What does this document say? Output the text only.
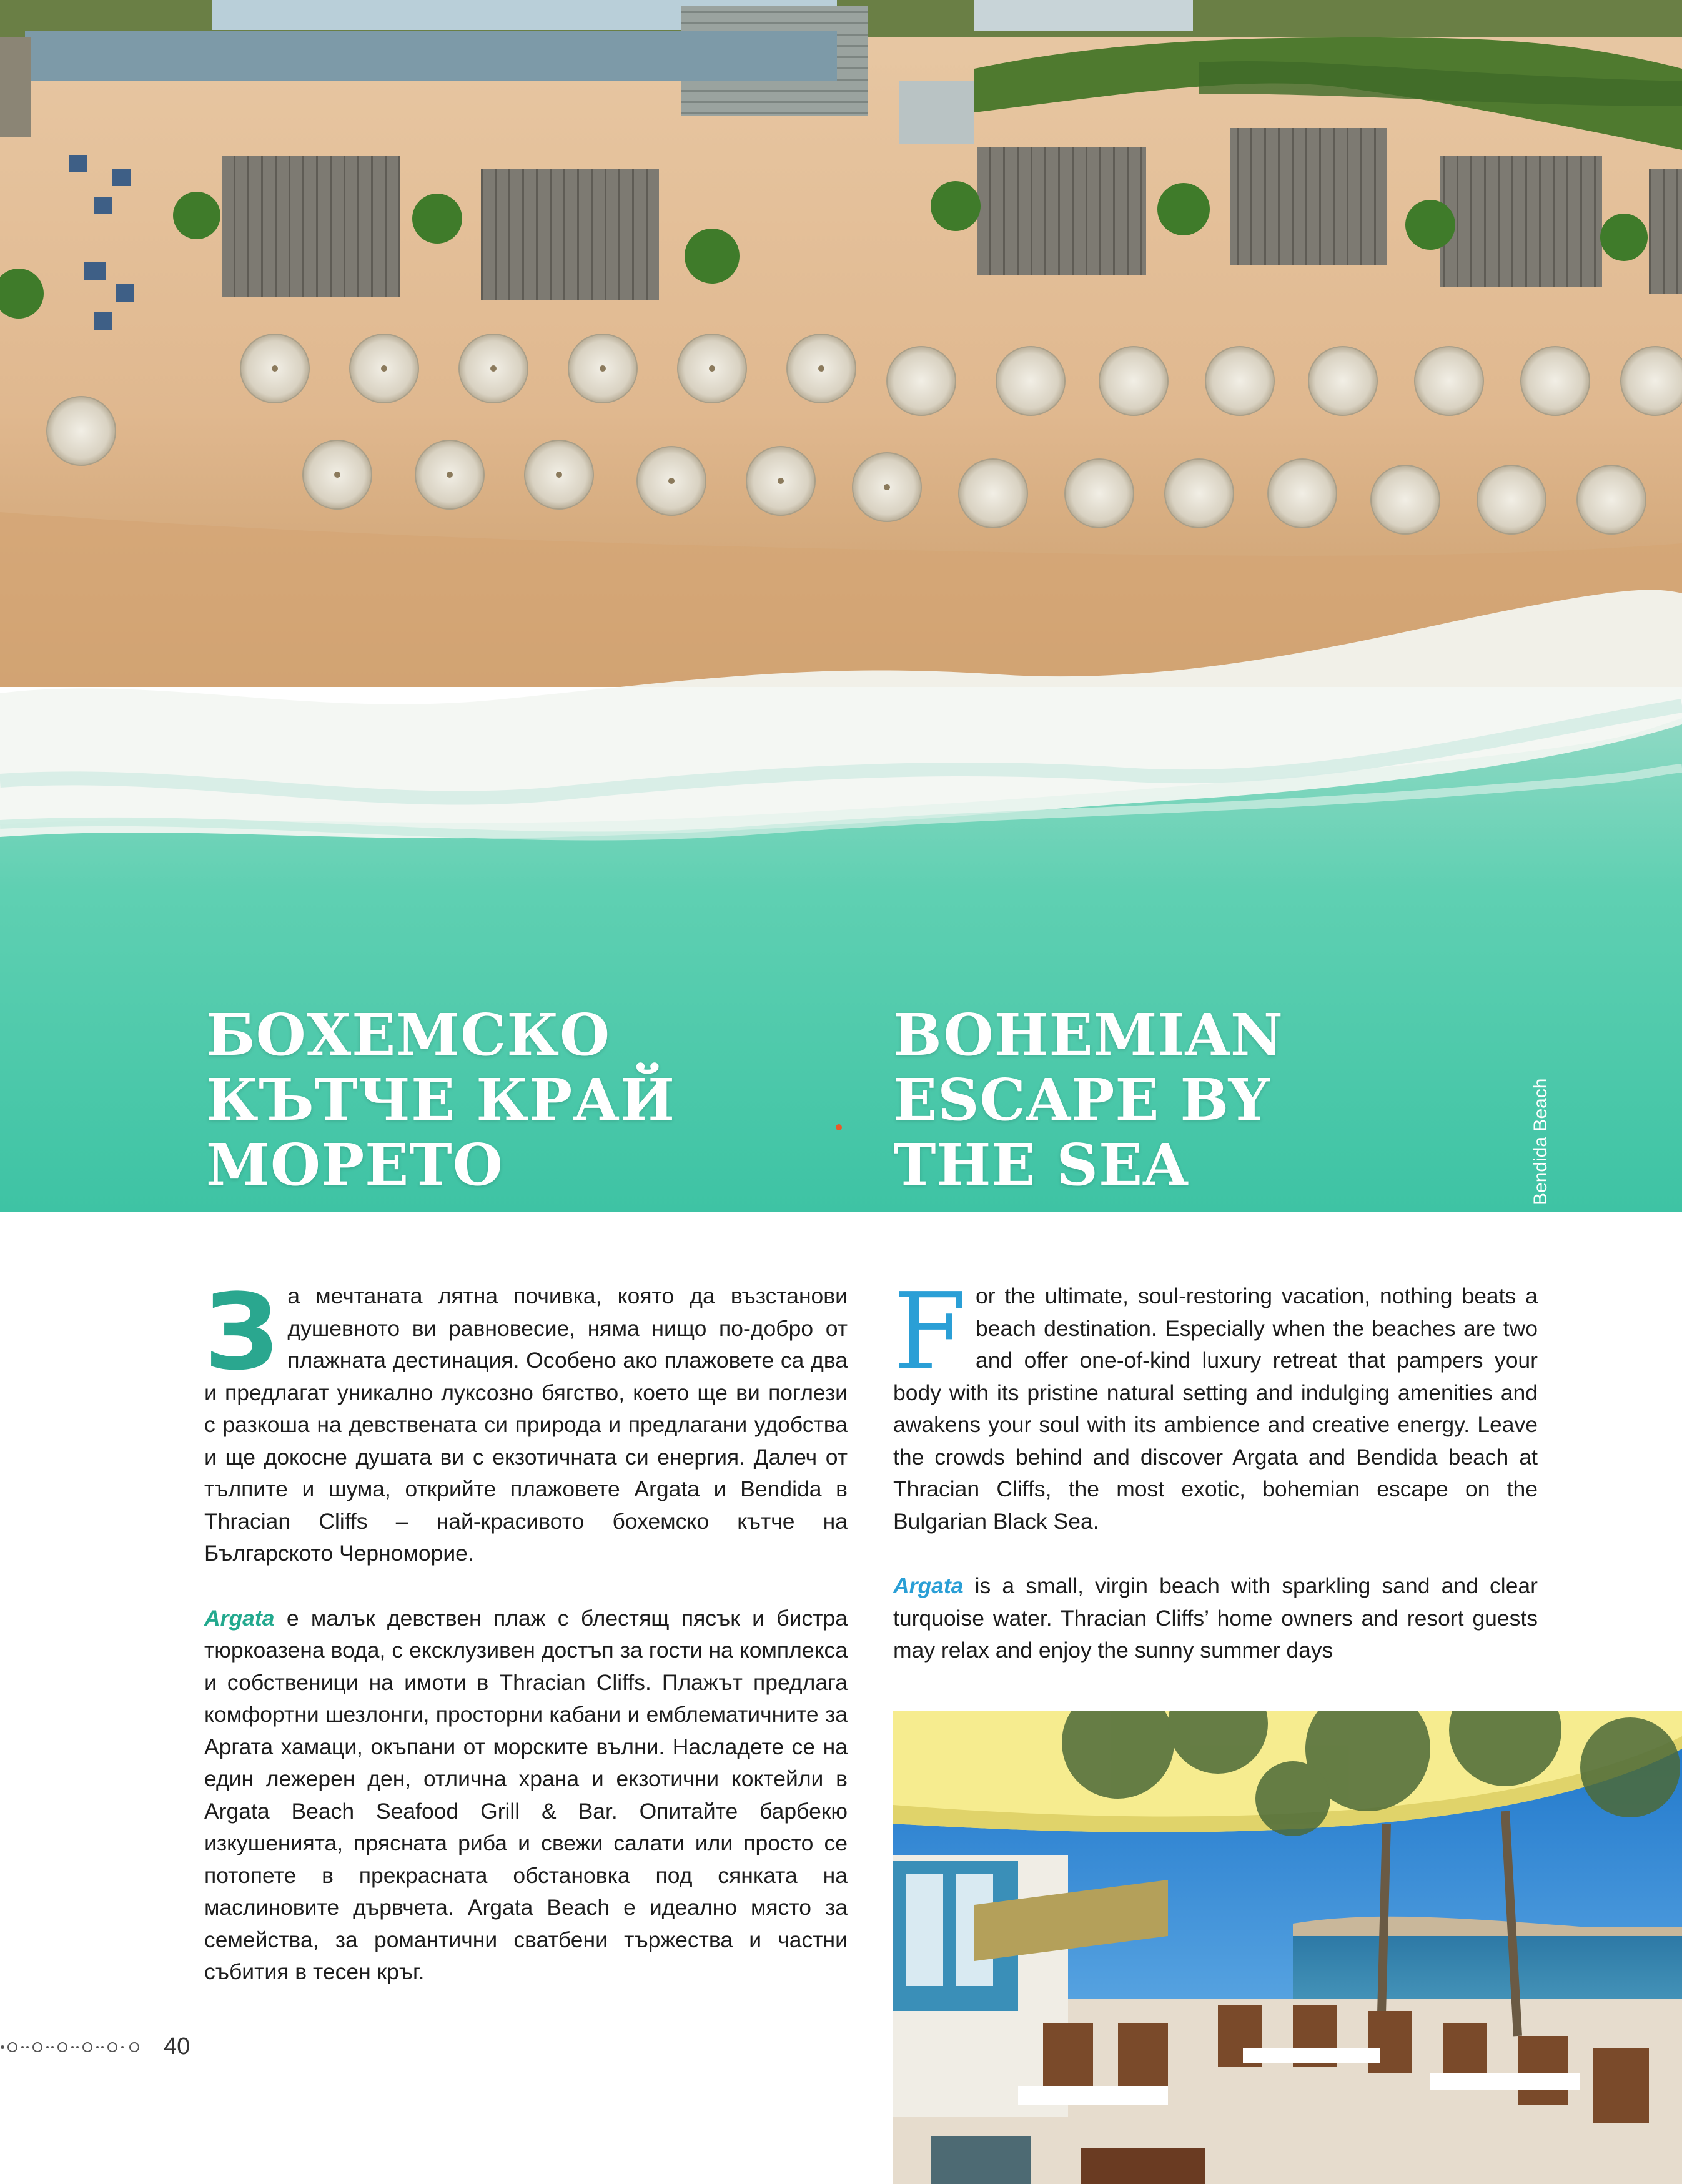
БОХЕМСКО
КЪТЧЕ КРАЙ
МОРЕТО
BOHEMIAN
ESCAPE BY
THE SEA	Bendida Beach

За мечтаната лятна почивка, която да възстанови душевното ви равновесие, няма нищо по-добро от плажната дестинация. Особено ако плажовете са два и предлагат уникално луксозно бягство, което ще ви поглези с разкоша на девствената си природа и предлагани удобства и ще докосне душата ви с екзотичната си енергия. Далеч от тълпите и шума, открийте плажовете Argata и Bendida в Thracian Cliffs – най-красивото бохемско кътче на Българското Черноморие.

Argata е малък девствен плаж с блестящ пясък и бистра тюркоазена вода, с ексклузивен достъп за гости на комплекса и собственици на имоти в Thracian Cliffs. Плажът предлага комфортни шезлонги, просторни кабани и емблематичните за Аргата хамаци, окъпани от морските вълни. Насладете се на един лежерен ден, отлична храна и екзотични коктейли в Argata Beach Seafood Grill & Bar. Опитайте барбекю изкушенията, прясната риба и свежи салати или просто се потопете в прекрасната обстановка под сянката на маслиновите дървчета. Argata Beach е идеално място за семейства, за романтични сватбени тържества и частни събития в тесен кръг.

For the ultimate, soul-restoring vacation, nothing beats a beach destination. Especially when the beaches are two and offer one-of-kind luxury retreat that pampers your body with its pristine natural setting and indulging amenities and awakens your soul with its ambience and creative energy. Leave the crowds behind and discover Argata and Bendida beach at Thracian Cliffs, the most exotic, bohemian escape on the Bulgarian Black Sea.

Argata is a small, virgin beach with sparkling sand and clear turquoise water. Thracian Cliffs’ home owners and resort guests may relax and enjoy the sunny summer days

40
